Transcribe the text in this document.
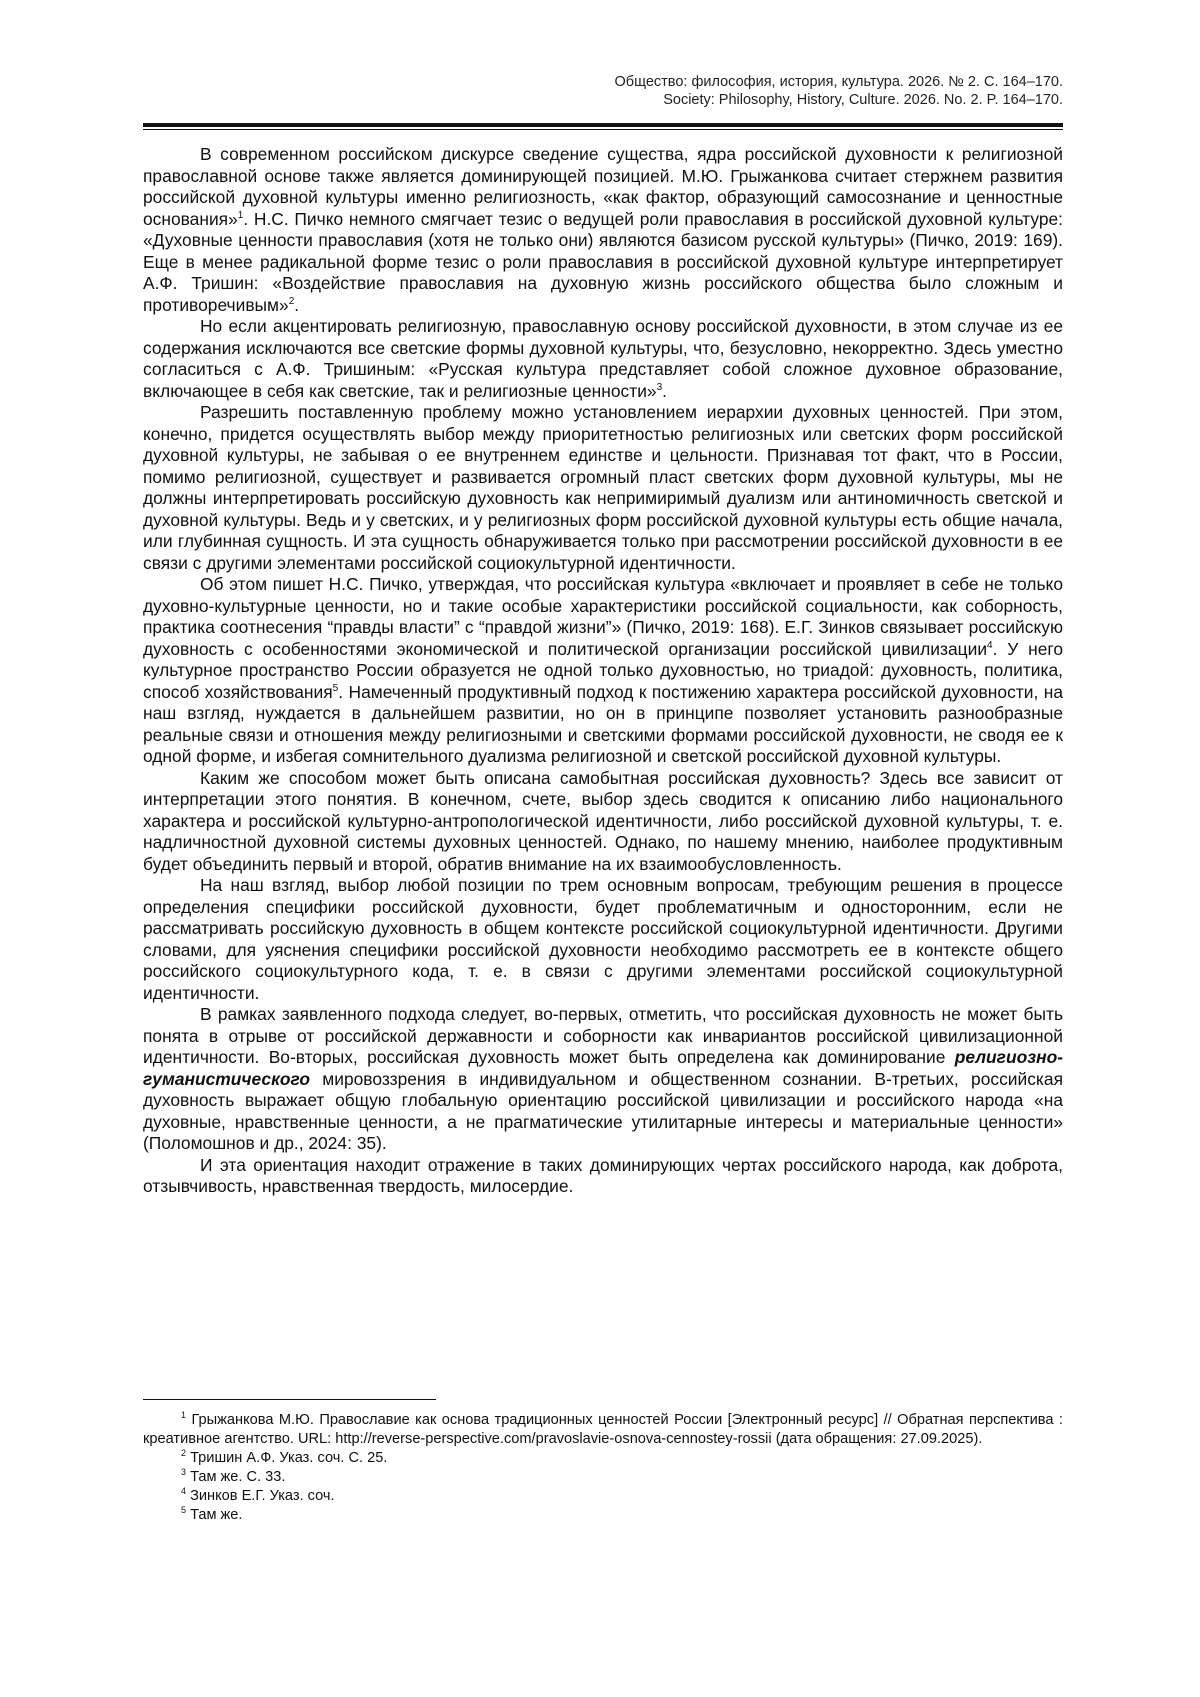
Общество: философия, история, культура. 2026. № 2. С. 164–170.
Society: Philosophy, History, Culture. 2026. No. 2. P. 164–170.

В современном российском дискурсе сведение существа, ядра российской духовности к религиозной православной основе также является доминирующей позицией. М.Ю. Грыжанкова считает стержнем развития российской духовной культуры именно религиозность, «как фактор, образующий самосознание и ценностные основания»$^1$. Н.С. Пичко немного смягчает тезис о ведущей роли православия в российской духовной культуре: «Духовные ценности православия (хотя не только они) являются базисом русской культуры» (Пичко, 2019: 169). Еще в менее радикальной форме тезис о роли православия в российской духовной культуре интерпретирует А.Ф. Тришин: «Воздействие православия на духовную жизнь российского общества было сложным и противоречивым»$^2$.

Но если акцентировать религиозную, православную основу российской духовности, в этом случае из ее содержания исключаются все светские формы духовной культуры, что, безусловно, некорректно. Здесь уместно согласиться с А.Ф. Тришиным: «Русская культура представляет собой сложное духовное образование, включающее в себя как светские, так и религиозные ценности»$^3$.

Разрешить поставленную проблему можно установлением иерархии духовных ценностей. При этом, конечно, придется осуществлять выбор между приоритетностью религиозных или светских форм российской духовной культуры, не забывая о ее внутреннем единстве и цельности. Признавая тот факт, что в России, помимо религиозной, существует и развивается огромный пласт светских форм духовной культуры, мы не должны интерпретировать российскую духовность как непримиримый дуализм или антиномичность светской и духовной культуры. Ведь и у светских, и у религиозных форм российской духовной культуры есть общие начала, или глубинная сущность. И эта сущность обнаруживается только при рассмотрении российской духовности в ее связи с другими элементами российской социокультурной идентичности.

Об этом пишет Н.С. Пичко, утверждая, что российская культура «включает и проявляет в себе не только духовно-культурные ценности, но и такие особые характеристики российской социальности, как соборность, практика соотнесения “правды власти” с “правдой жизни”» (Пичко, 2019: 168). Е.Г. Зинков связывает российскую духовность с особенностями экономической и политической организации российской цивилизации$^4$. У него культурное пространство России образуется не одной только духовностью, но триадой: духовность, политика, способ хозяйствования$^5$. Намеченный продуктивный подход к постижению характера российской духовности, на наш взгляд, нуждается в дальнейшем развитии, но он в принципе позволяет установить разнообразные реальные связи и отношения между религиозными и светскими формами российской духовности, не сводя ее к одной форме, и избегая сомнительного дуализма религиозной и светской российской духовной культуры.

Каким же способом может быть описана самобытная российская духовность? Здесь все зависит от интерпретации этого понятия. В конечном, счете, выбор здесь сводится к описанию либо национального характера и российской культурно-антропологической идентичности, либо российской духовной культуры, т. е. надличностной духовной системы духовных ценностей. Однако, по нашему мнению, наиболее продуктивным будет объединить первый и второй, обратив внимание на их взаимообусловленность.

На наш взгляд, выбор любой позиции по трем основным вопросам, требующим решения в процессе определения специфики российской духовности, будет проблематичным и односторонним, если не рассматривать российскую духовность в общем контексте российской социокультурной идентичности. Другими словами, для уяснения специфики российской духовности необходимо рассмотреть ее в контексте общего российского социокультурного кода, т. е. в связи с другими элементами российской социокультурной идентичности.

В рамках заявленного подхода следует, во-первых, отметить, что российская духовность не может быть понята в отрыве от российской державности и соборности как инвариантов российской цивилизационной идентичности. Во-вторых, российская духовность может быть определена как доминирование религиозно-гуманистического мировоззрения в индивидуальном и общественном сознании. В-третьих, российская духовность выражает общую глобальную ориентацию российской цивилизации и российского народа «на духовные, нравственные ценности, а не прагматические утилитарные интересы и материальные ценности» (Поломошнов и др., 2024: 35).

И эта ориентация находит отражение в таких доминирующих чертах российского народа, как доброта, отзывчивость, нравственная твердость, милосердие.

$^1$ Грыжанкова М.Ю. Православие как основа традиционных ценностей России [Электронный ресурс] // Обратная перспектива : креативное агентство. URL: http://reverse-perspective.com/pravoslavie-osnova-cennostey-rossii (дата обращения: 27.09.2025).

$^2$ Тришин А.Ф. Указ. соч. С. 25.

$^3$ Там же. С. 33.

$^4$ Зинков Е.Г. Указ. соч.

$^5$ Там же.
